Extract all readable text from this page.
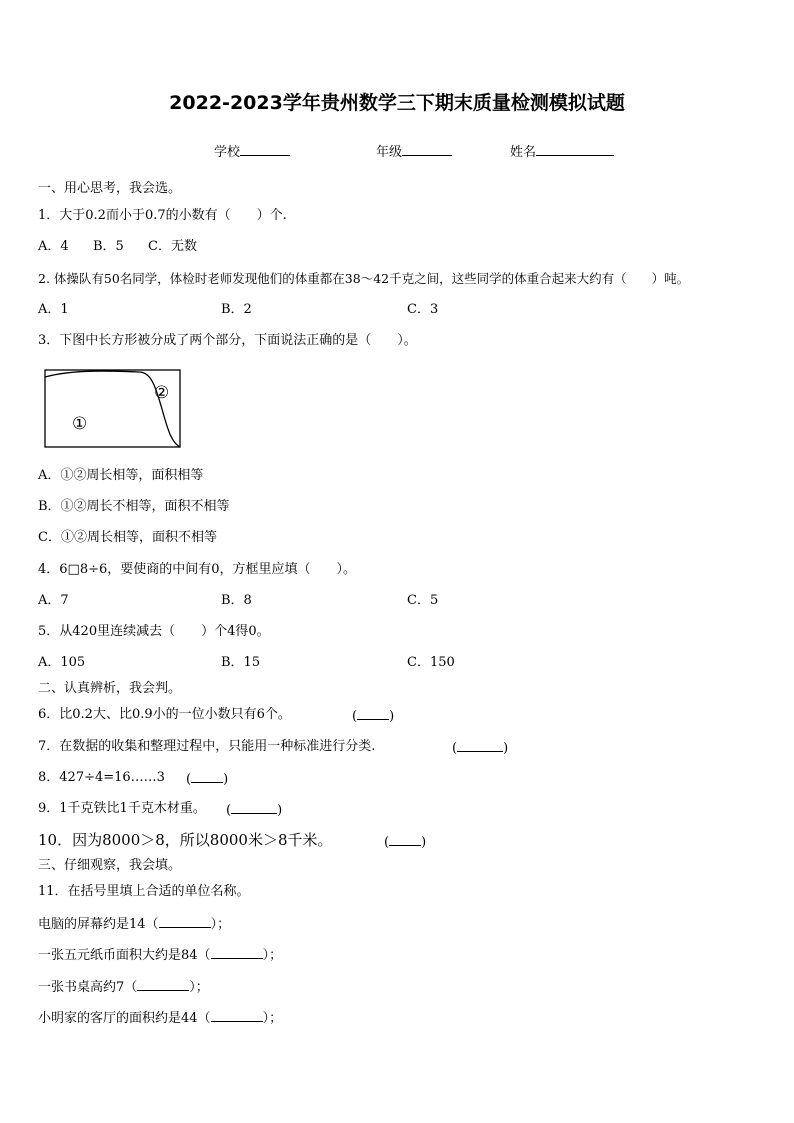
2022-2023学年贵州数学三下期末质量检测模拟试题
学校	年级	姓名
一、用心思考，我会选。
1．大于0.2而小于0.7的小数有（　　）个.
A．4 B．5 C．无数
2. 体操队有50名同学，体检时老师发现他们的体重都在38～42千克之间，这些同学的体重合起来大约有（　　）吨。
A．1	B．2	C．3
3．下图中长方形被分成了两个部分，下面说法正确的是（　　）。
①
②
A．①②周长相等，面积相等
B．①②周长不相等，面积不相等
C．①②周长相等，面积不相等
4．6□8÷6，要使商的中间有0，方框里应填（　　）。
A．7	B．8	C．5
5．从420里连续减去（　　）个4得0。
A．105	B．15	C．150
二、认真辨析，我会判。
6．比0.2大、比0.9小的一位小数只有6个。	( )
7．在数据的收集和整理过程中，只能用一种标准进行分类.	(	)
8．427÷4=16……3 ( )
9．1千克铁比1千克木材重。 (	)
10．因为8000＞8，所以8000米＞8千米。	( )
三、仔细观察，我会填。
11．在括号里填上合适的单位名称。
电脑的屏幕约是14（	）；
一张五元纸币面积大约是84（	）；
一张书桌高约7（	）；
小明家的客厅的面积约是44（	）；
